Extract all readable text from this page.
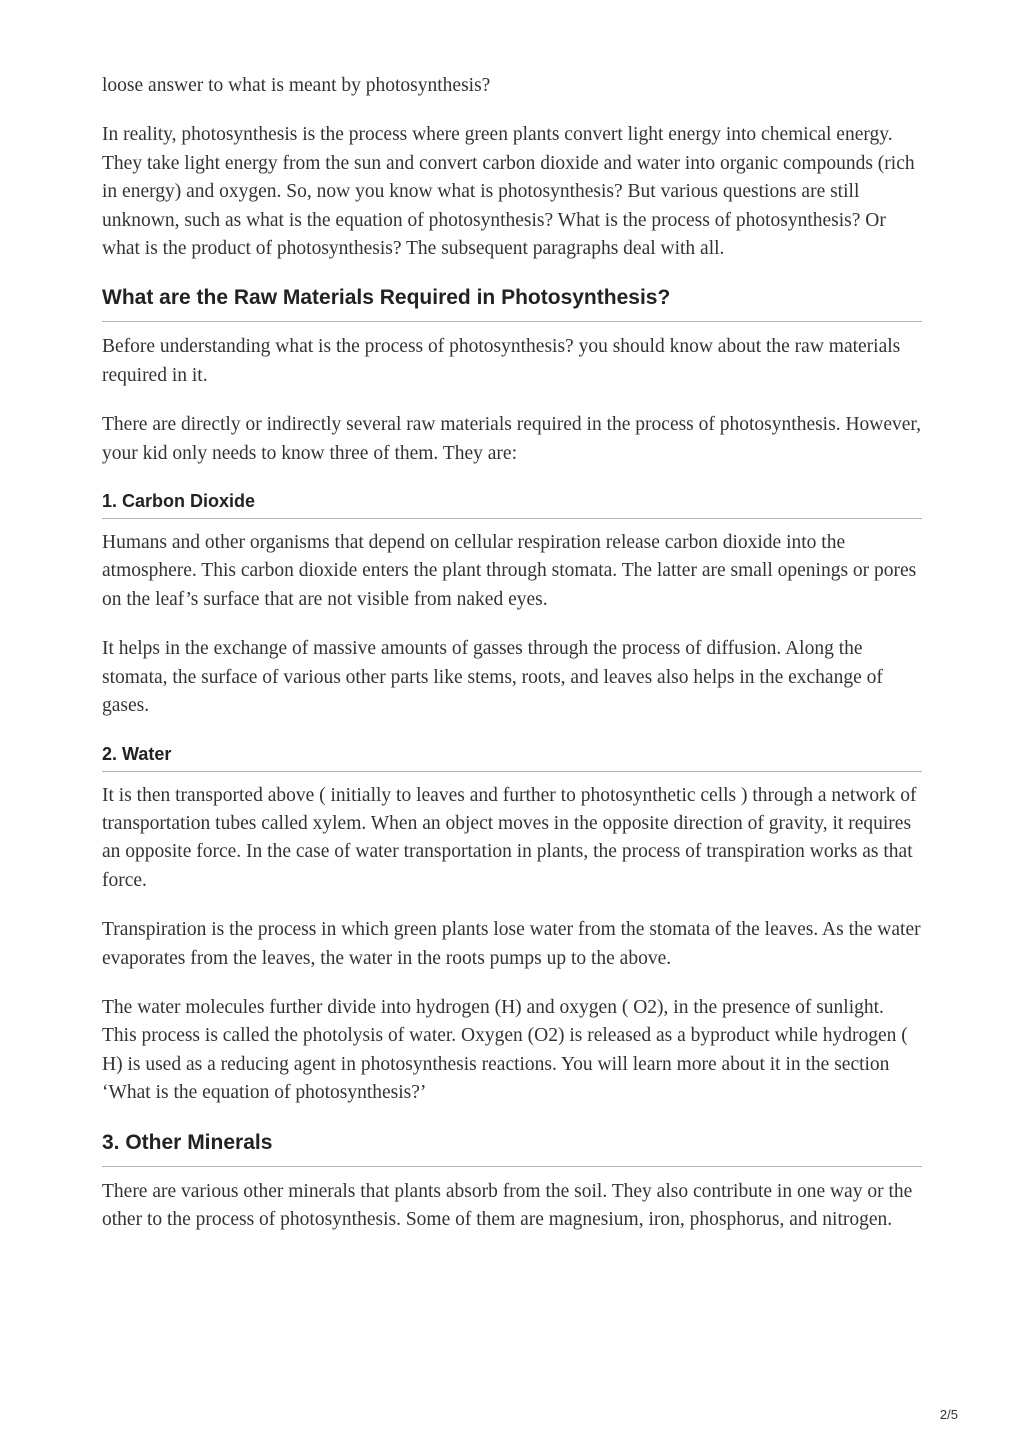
loose answer to what is meant by photosynthesis?

In reality, photosynthesis is the process where green plants convert light energy into chemical energy. They take light energy from the sun and convert carbon dioxide and water into organic compounds (rich in energy) and oxygen. So, now you know what is photosynthesis? But various questions are still unknown, such as what is the equation of photosynthesis? What is the process of photosynthesis? Or what is the product of photosynthesis? The subsequent paragraphs deal with all.

What are the Raw Materials Required in Photosynthesis?

Before understanding what is the process of photosynthesis? you should know about the raw materials required in it.

There are directly or indirectly several raw materials required in the process of photosynthesis. However, your kid only needs to know three of them. They are:

1. Carbon Dioxide

Humans and other organisms that depend on cellular respiration release carbon dioxide into the atmosphere. This carbon dioxide enters the plant through stomata. The latter are small openings or pores on the leaf’s surface that are not visible from naked eyes.

It helps in the exchange of massive amounts of gasses through the process of diffusion. Along the stomata, the surface of various other parts like stems, roots, and leaves also helps in the exchange of gases.

2. Water

It is then transported above ( initially to leaves and further to photosynthetic cells ) through a network of transportation tubes called xylem. When an object moves in the opposite direction of gravity, it requires an opposite force. In the case of water transportation in plants, the process of transpiration works as that force.

Transpiration is the process in which green plants lose water from the stomata of the leaves. As the water evaporates from the leaves, the water in the roots pumps up to the above.

The water molecules further divide into hydrogen (H) and oxygen ( O2), in the presence of sunlight. This process is called the photolysis of water. Oxygen (O2) is released as a byproduct while hydrogen ( H) is used as a reducing agent in photosynthesis reactions. You will learn more about it in the section ‘What is the equation of photosynthesis?’

3. Other Minerals

There are various other minerals that plants absorb from the soil. They also contribute in one way or the other to the process of photosynthesis. Some of them are magnesium, iron, phosphorus, and nitrogen.

2/5
